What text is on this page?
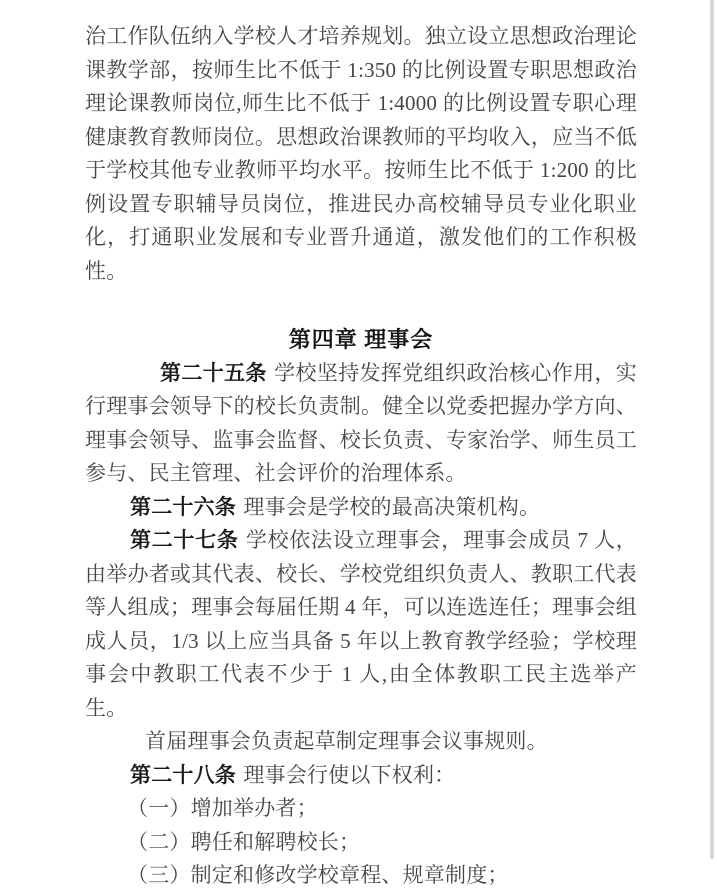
治工作队伍纳入学校人才培养规划。独立设立思想政治理论课教学部，按师生比不低于 1:350 的比例设置专职思想政治理论课教师岗位,师生比不低于 1:4000 的比例设置专职心理健康教育教师岗位。思想政治课教师的平均收入，应当不低于学校其他专业教师平均水平。按师生比不低于 1:200 的比例设置专职辅导员岗位，推进民办高校辅导员专业化职业化，打通职业发展和专业晋升通道，激发他们的工作积极性。

第四章 理事会

第二十五条 学校坚持发挥党组织政治核心作用，实行理事会领导下的校长负责制。健全以党委把握办学方向、理事会领导、监事会监督、校长负责、专家治学、师生员工参与、民主管理、社会评价的治理体系。

第二十六条 理事会是学校的最高决策机构。

第二十七条 学校依法设立理事会，理事会成员 7 人，由举办者或其代表、校长、学校党组织负责人、教职工代表等人组成；理事会每届任期 4 年，可以连选连任；理事会组成人员，1/3 以上应当具备 5 年以上教育教学经验；学校理事会中教职工代表不少于 1 人,由全体教职工民主选举产生。

首届理事会负责起草制定理事会议事规则。

第二十八条 理事会行使以下权利：

（一）增加举办者；

（二）聘任和解聘校长；

（三）制定和修改学校章程、规章制度；
